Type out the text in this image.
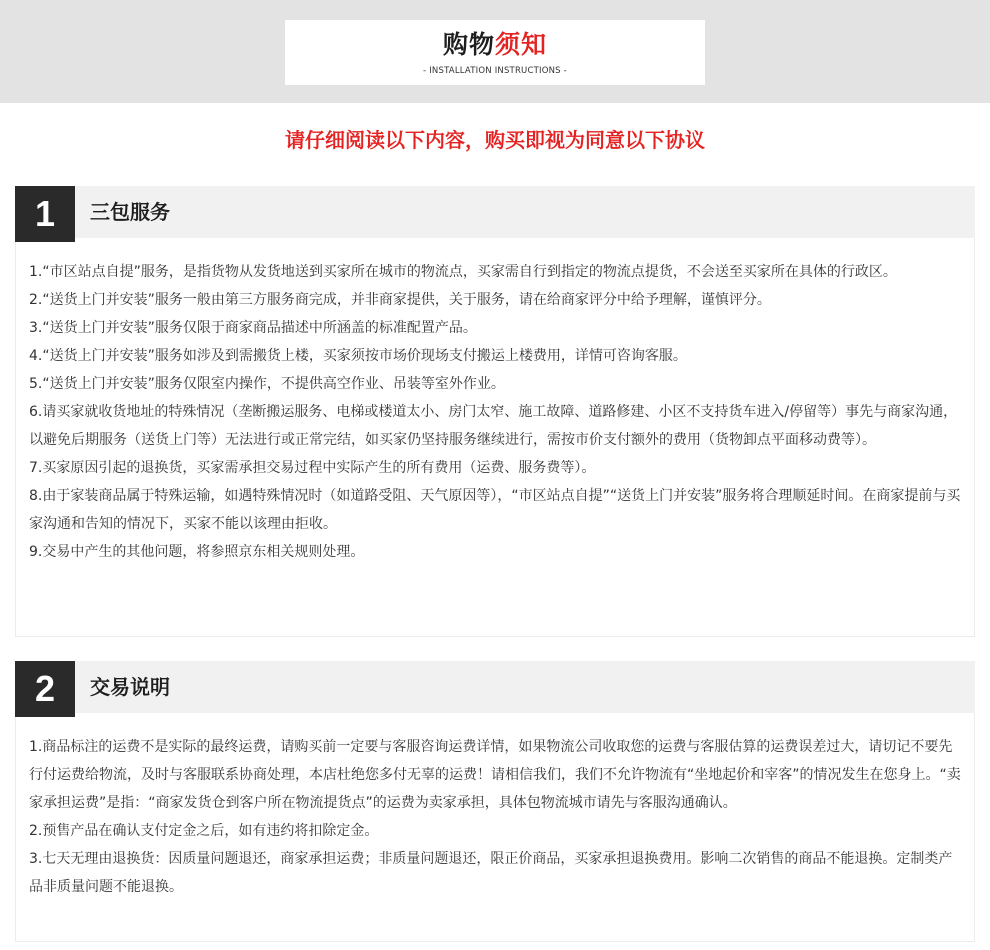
购物须知
- INSTALLATION INSTRUCTIONS -
请仔细阅读以下内容，购买即视为同意以下协议
1	三包服务

1.“市区站点自提”服务，是指货物从发货地送到买家所在城市的物流点，买家需自行到指定的物流点提货，不会送至买家所在具体的行政区。

2.“送货上门并安装”服务一般由第三方服务商完成，并非商家提供，关于服务，请在给商家评分中给予理解，谨慎评分。

3.“送货上门并安装”服务仅限于商家商品描述中所涵盖的标准配置产品。

4.“送货上门并安装”服务如涉及到需搬货上楼，买家须按市场价现场支付搬运上楼费用，详情可咨询客服。

5.“送货上门并安装”服务仅限室内操作，不提供高空作业、吊装等室外作业。

6.请买家就收货地址的特殊情况（垄断搬运服务、电梯或楼道太小、房门太窄、施工故障、道路修建、小区不支持货车进入/停留等）事先与商家沟通，以避免后期服务（送货上门等）无法进行或正常完结，如买家仍坚持服务继续进行，需按市价支付额外的费用（货物卸点平面移动费等）。

7.买家原因引起的退换货，买家需承担交易过程中实际产生的所有费用（运费、服务费等）。

8.由于家装商品属于特殊运输，如遇特殊情况时（如道路受阻、天气原因等），“市区站点自提”“送货上门并安装”服务将合理顺延时间。在商家提前与买家沟通和告知的情况下，买家不能以该理由拒收。

9.交易中产生的其他问题，将参照京东相关规则处理。

2	交易说明

1.商品标注的运费不是实际的最终运费，请购买前一定要与客服咨询运费详情，如果物流公司收取您的运费与客服估算的运费误差过大，请切记不要先行付运费给物流，及时与客服联系协商处理，本店杜绝您多付无辜的运费！请相信我们，我们不允许物流有“坐地起价和宰客”的情况发生在您身上。“卖家承担运费”是指：“商家发货仓到客户所在物流提货点”的运费为卖家承担，具体包物流城市请先与客服沟通确认。

2.预售产品在确认支付定金之后，如有违约将扣除定金。

3.七天无理由退换货：因质量问题退还，商家承担运费；非质量问题退还，限正价商品，买家承担退换费用。影响二次销售的商品不能退换。定制类产品非质量问题不能退换。
